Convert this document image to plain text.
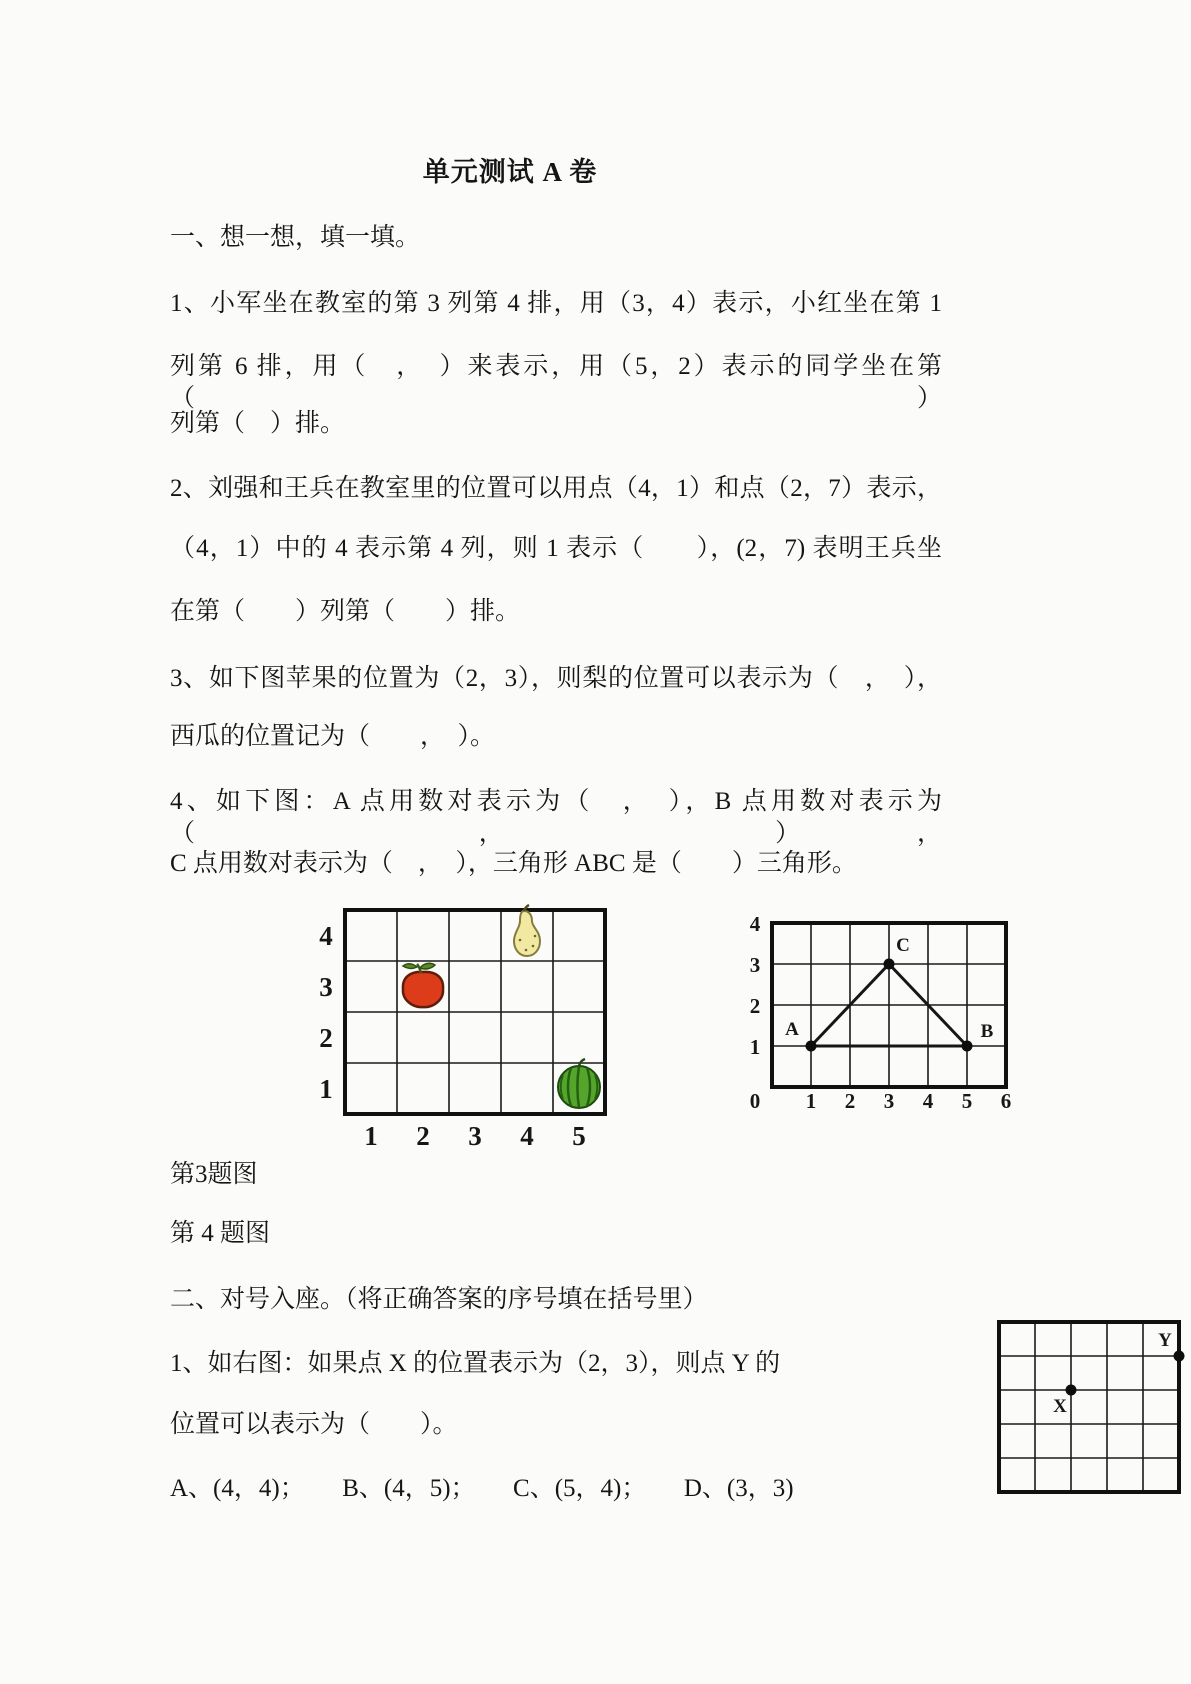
单元测试 A 卷
一、想一想，填一填。
1、小军坐在教室的第 3 列第 4 排，用（3，4）表示，小红坐在第 1
列第 6 排，用（　，　）来表示，用（5，2）表示的同学坐在第（　　）
列第（　）排。
2、刘强和王兵在教室里的位置可以用点（4，1）和点（2，7）表示，
（4，1）中的 4 表示第 4 列，则 1 表示（　　），(2，7) 表明王兵坐
在第（　　）列第（　　）排。
3、如下图苹果的位置为（2，3），则梨的位置可以表示为（　，　），
西瓜的位置记为（　　，　）。
4、如下图：A 点用数对表示为（　，　），B 点用数对表示为（　，　），
C 点用数对表示为（　，　），三角形 ABC 是（　　）三角形。
4
3
2
1
1 2 3 4 5
4
3
2
1
0 1 2 3 4 5 6
A	B
C
第3题图
第 4 题图
二、对号入座。（将正确答案的序号填在括号里）
1、如右图：如果点 X 的位置表示为（2，3），则点 Y 的
位置可以表示为（　　）。
A、(4，4)；　　B、(4，5)；　　C、(5，4)；　　D、(3，3)
X
Y
